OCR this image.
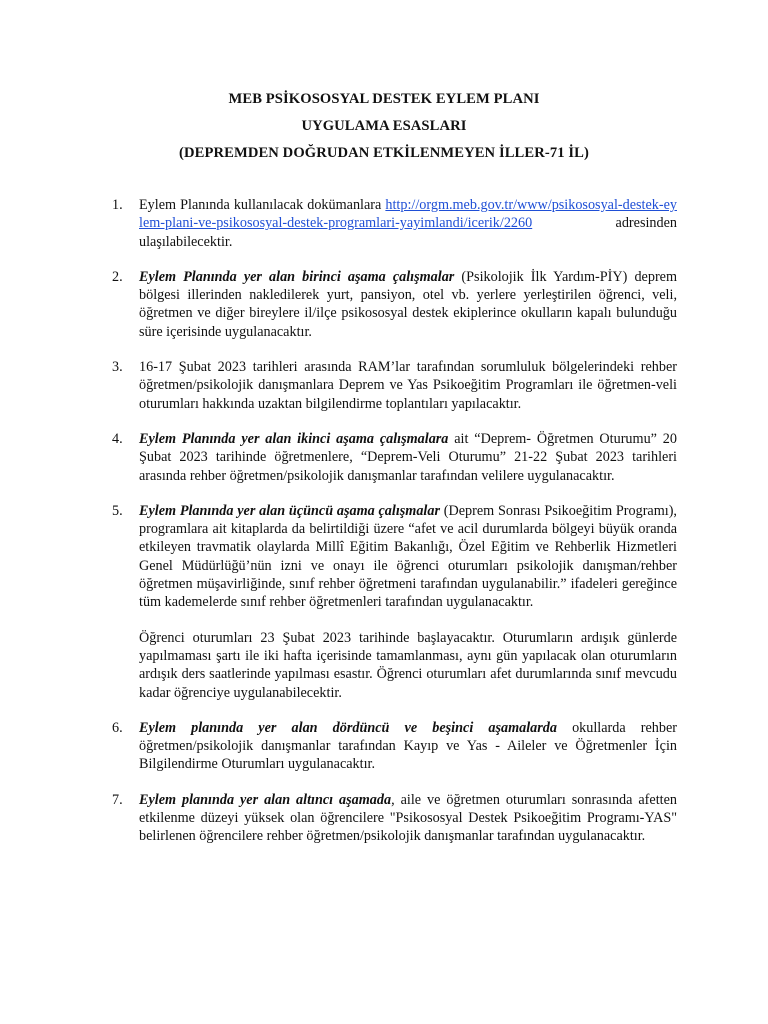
MEB PSİKOSOSYAL DESTEK EYLEM PLANI
UYGULAMA ESASLARI
(DEPREMDEN DOĞRUDAN ETKİLENMEYEN İLLER-71 İL)
1. Eylem Planında kullanılacak dokümanlara http://orgm.meb.gov.tr/www/psikososyal-destek-eylem-plani-ve-psikososyal-destek-programlari-yayimlandi/icerik/2260 adresinden ulaşılabilecektir.

2. Eylem Planında yer alan birinci aşama çalışmalar (Psikolojik İlk Yardım-PİY) deprem bölgesi illerinden nakledilerek yurt, pansiyon, otel vb. yerlere yerleştirilen öğrenci, veli, öğretmen ve diğer bireylere il/ilçe psikososyal destek ekiplerince okulların kapalı bulunduğu süre içerisinde uygulanacaktır.

3. 16-17 Şubat 2023 tarihleri arasında RAM’lar tarafından sorumluluk bölgelerindeki rehber öğretmen/psikolojik danışmanlara Deprem ve Yas Psikoeğitim Programları ile öğretmen-veli oturumları hakkında uzaktan bilgilendirme toplantıları yapılacaktır.

4. Eylem Planında yer alan ikinci aşama çalışmalara ait “Deprem- Öğretmen Oturumu” 20 Şubat 2023 tarihinde öğretmenlere, “Deprem-Veli Oturumu” 21-22 Şubat 2023 tarihleri arasında rehber öğretmen/psikolojik danışmanlar tarafından velilere uygulanacaktır.

5. Eylem Planında yer alan üçüncü aşama çalışmalar (Deprem Sonrası Psikoeğitim Programı), programlara ait kitaplarda da belirtildiği üzere “afet ve acil durumlarda bölgeyi büyük oranda etkileyen travmatik olaylarda Millî Eğitim Bakanlığı, Özel Eğitim ve Rehberlik Hizmetleri Genel Müdürlüğü’nün izni ve onayı ile öğrenci oturumları psikolojik danışman/rehber öğretmen müşavirliğinde, sınıf rehber öğretmeni tarafından uygulanabilir.” ifadeleri gereğince tüm kademelerde sınıf rehber öğretmenleri tarafından uygulanacaktır.

Öğrenci oturumları 23 Şubat 2023 tarihinde başlayacaktır. Oturumların ardışık günlerde yapılmaması şartı ile iki hafta içerisinde tamamlanması, aynı gün yapılacak olan oturumların ardışık ders saatlerinde yapılması esastır. Öğrenci oturumları afet durumlarında sınıf mevcudu kadar öğrenciye uygulanabilecektir.

6. Eylem planında yer alan dördüncü ve beşinci aşamalarda okullarda rehber öğretmen/psikolojik danışmanlar tarafından Kayıp ve Yas - Aileler ve Öğretmenler İçin Bilgilendirme Oturumları uygulanacaktır.

7. Eylem planında yer alan altıncı aşamada, aile ve öğretmen oturumları sonrasında afetten etkilenme düzeyi yüksek olan öğrencilere "Psikososyal Destek Psikoeğitim Programı-YAS" belirlenen öğrencilere rehber öğretmen/psikolojik danışmanlar tarafından uygulanacaktır.
